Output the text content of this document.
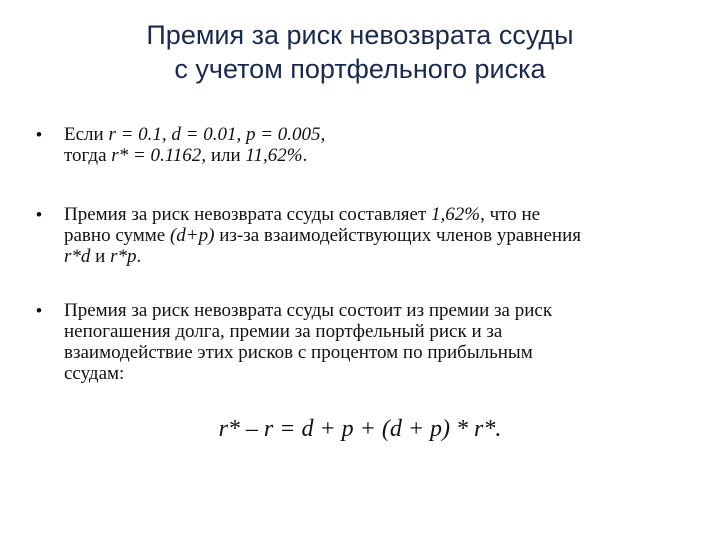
Премия за риск невозврата ссуды
с учетом портфельного риска
• Если r = 0.1, d = 0.01, p = 0.005,
тогда r* = 0.1162, или 11,62%.
• Премия за риск невозврата ссуды составляет 1,62%, что не
равно сумме (d+p) из-за взаимодействующих членов уравнения
r*d и r*p.
• Премия за риск невозврата ссуды состоит из премии за риск
непогашения долга, премии за портфельный риск и за
взаимодействие этих рисков с процентом по прибыльным
ссудам:
r* – r = d + p + (d + p) * r*.
